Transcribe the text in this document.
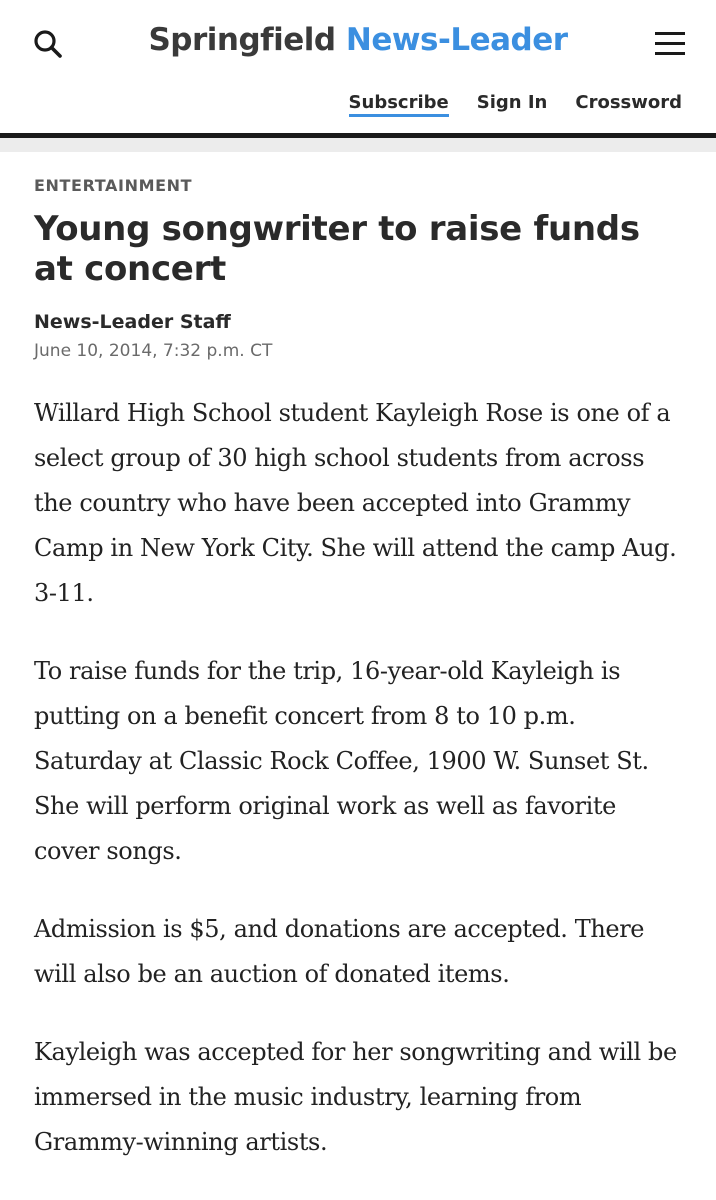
Springfield News-Leader
Subscribe Sign In Crossword
ENTERTAINMENT
Young songwriter to raise funds at concert
News-Leader Staff
June 10, 2014, 7:32 p.m. CT

Willard High School student Kayleigh Rose is one of a select group of 30 high school students from across the country who have been accepted into Grammy Camp in New York City. She will attend the camp Aug. 3-11.

To raise funds for the trip, 16-year-old Kayleigh is putting on a benefit concert from 8 to 10 p.m. Saturday at Classic Rock Coffee, 1900 W. Sunset St. She will perform original work as well as favorite cover songs.

Admission is $5, and donations are accepted. There will also be an auction of donated items.

Kayleigh was accepted for her songwriting and will be immersed in the music industry, learning from Grammy-winning artists.
